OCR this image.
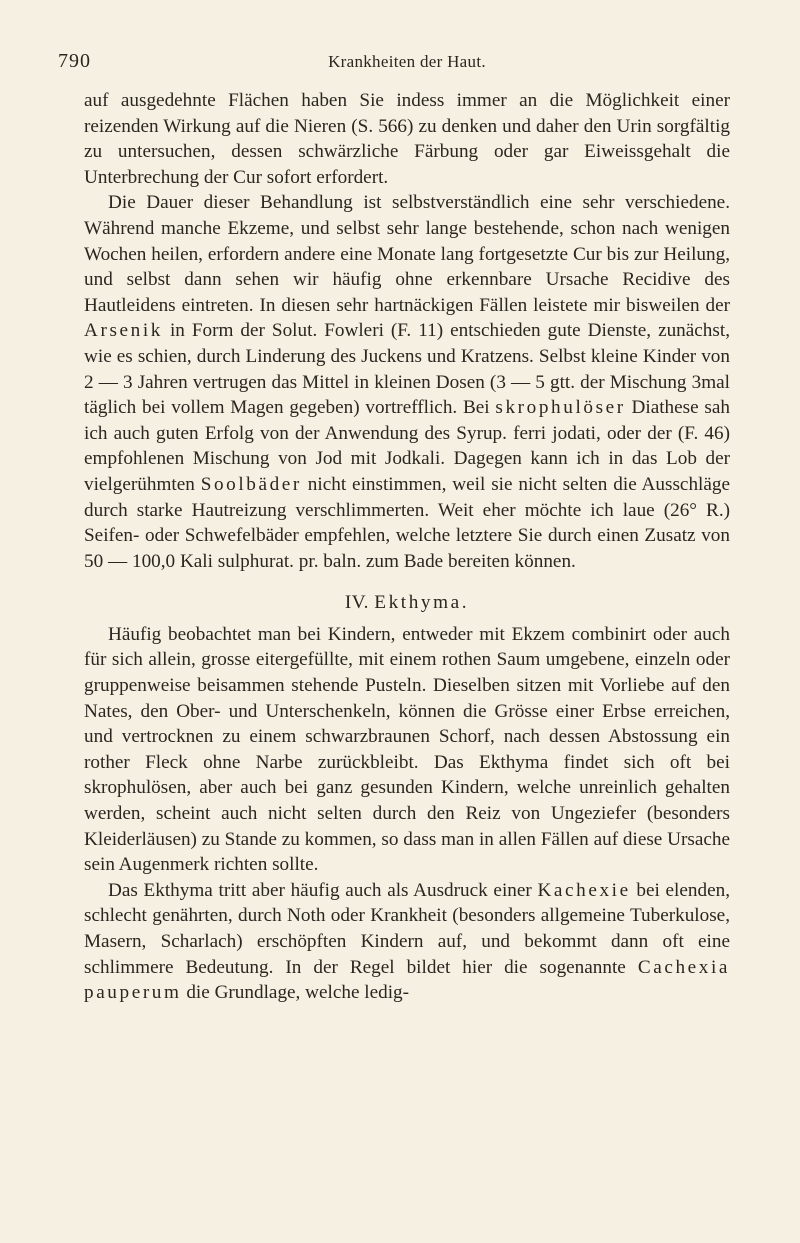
790	Krankheiten der Haut.

auf ausgedehnte Flächen haben Sie indess immer an die Möglichkeit einer reizenden Wirkung auf die Nieren (S. 566) zu denken und daher den Urin sorgfältig zu untersuchen, dessen schwärzliche Färbung oder gar Eiweissgehalt die Unterbrechung der Cur sofort erfordert.

Die Dauer dieser Behandlung ist selbstverständlich eine sehr verschiedene. Während manche Ekzeme, und selbst sehr lange bestehende, schon nach wenigen Wochen heilen, erfordern andere eine Monate lang fortgesetzte Cur bis zur Heilung, und selbst dann sehen wir häufig ohne erkennbare Ursache Recidive des Hautleidens eintreten. In diesen sehr hartnäckigen Fällen leistete mir bisweilen der Arsenik in Form der Solut. Fowleri (F. 11) entschieden gute Dienste, zunächst, wie es schien, durch Linderung des Juckens und Kratzens. Selbst kleine Kinder von 2 — 3 Jahren vertrugen das Mittel in kleinen Dosen (3 — 5 gtt. der Mischung 3mal täglich bei vollem Magen gegeben) vortrefflich. Bei skrophulöser Diathese sah ich auch guten Erfolg von der Anwendung des Syrup. ferri jodati, oder der (F. 46) empfohlenen Mischung von Jod mit Jodkali. Dagegen kann ich in das Lob der vielgerühmten Soolbäder nicht einstimmen, weil sie nicht selten die Ausschläge durch starke Hautreizung verschlimmerten. Weit eher möchte ich laue (26° R.) Seifen- oder Schwefelbäder empfehlen, welche letztere Sie durch einen Zusatz von 50 — 100,0 Kali sulphurat. pr. baln. zum Bade bereiten können.

IV. Ekthyma.

Häufig beobachtet man bei Kindern, entweder mit Ekzem combinirt oder auch für sich allein, grosse eitergefüllte, mit einem rothen Saum umgebene, einzeln oder gruppenweise beisammen stehende Pusteln. Dieselben sitzen mit Vorliebe auf den Nates, den Ober- und Unterschenkeln, können die Grösse einer Erbse erreichen, und vertrocknen zu einem schwarzbraunen Schorf, nach dessen Abstossung ein rother Fleck ohne Narbe zurückbleibt. Das Ekthyma findet sich oft bei skrophulösen, aber auch bei ganz gesunden Kindern, welche unreinlich gehalten werden, scheint auch nicht selten durch den Reiz von Ungeziefer (besonders Kleiderläusen) zu Stande zu kommen, so dass man in allen Fällen auf diese Ursache sein Augenmerk richten sollte.

Das Ekthyma tritt aber häufig auch als Ausdruck einer Kachexie bei elenden, schlecht genährten, durch Noth oder Krankheit (besonders allgemeine Tuberkulose, Masern, Scharlach) erschöpften Kindern auf, und bekommt dann oft eine schlimmere Bedeutung. In der Regel bildet hier die sogenannte Cachexia pauperum die Grundlage, welche ledig-
